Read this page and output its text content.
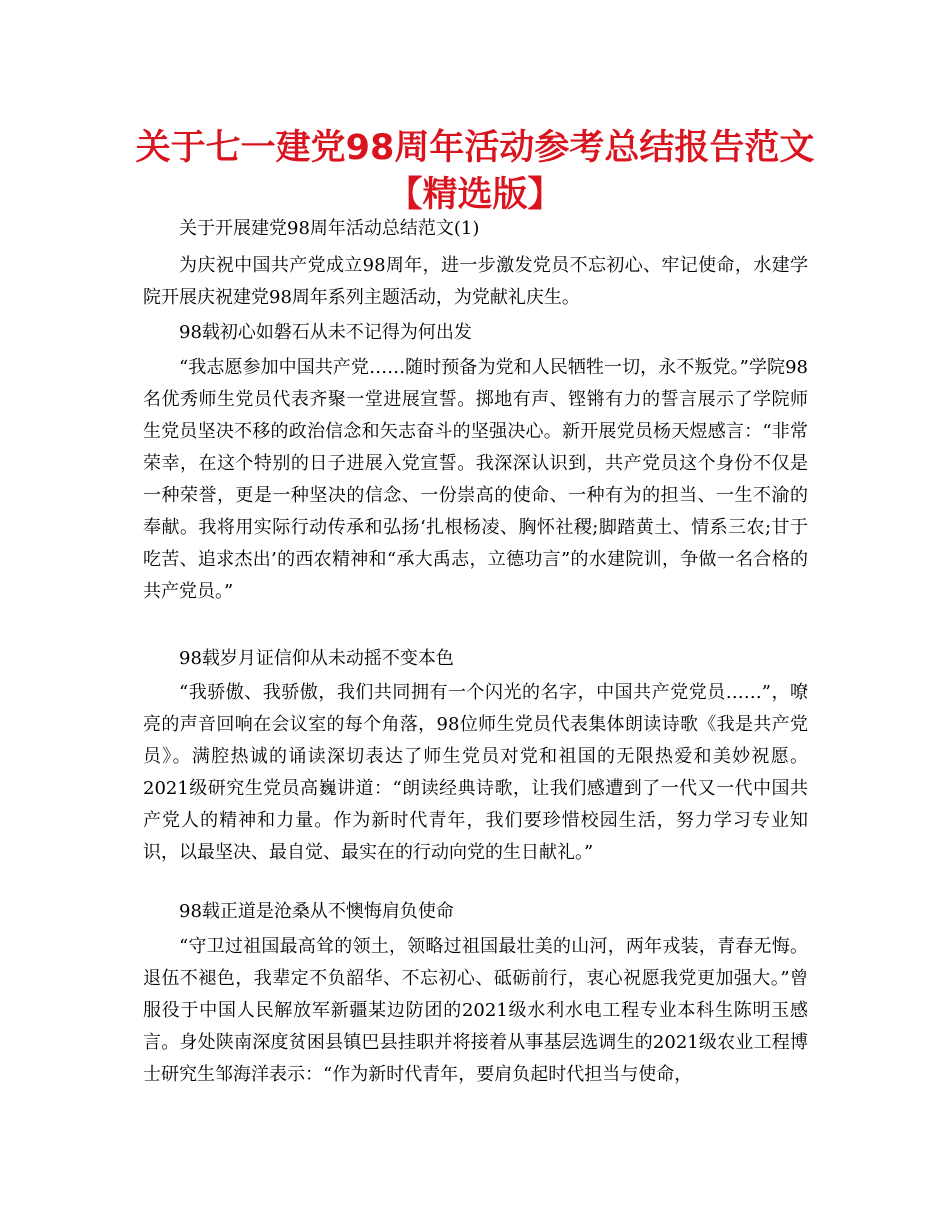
关于七一建党98周年活动参考总结报告范文
【精选版】

关于开展建党98周年活动总结范文(1)

为庆祝中国共产党成立98周年，进一步激发党员不忘初心、牢记使命，水建学院开展庆祝建党98周年系列主题活动，为党献礼庆生。

98载初心如磐石从未不记得为何出发

“我志愿参加中国共产党……随时预备为党和人民牺牲一切，永不叛党。”学院98名优秀师生党员代表齐聚一堂进展宣誓。掷地有声、铿锵有力的誓言展示了学院师生党员坚决不移的政治信念和矢志奋斗的坚强决心。新开展党员杨天煜感言：“非常荣幸，在这个特别的日子进展入党宣誓。我深深认识到，共产党员这个身份不仅是一种荣誉，更是一种坚决的信念、一份崇高的使命、一种有为的担当、一生不渝的奉献。我将用实际行动传承和弘扬‘扎根杨凌、胸怀社稷;脚踏黄土、情系三农;甘于吃苦、追求杰出’的西农精神和“承大禹志，立德功言”的水建院训，争做一名合格的共产党员。”

98载岁月证信仰从未动摇不变本色

“我骄傲、我骄傲，我们共同拥有一个闪光的名字，中国共产党党员……”，嘹亮的声音回响在会议室的每个角落，98位师生党员代表集体朗读诗歌《我是共产党员》。满腔热诚的诵读深切表达了师生党员对党和祖国的无限热爱和美妙祝愿。2021级研究生党员高巍讲道：“朗读经典诗歌，让我们感遭到了一代又一代中国共产党人的精神和力量。作为新时代青年，我们要珍惜校园生活，努力学习专业知识，以最坚决、最自觉、最实在的行动向党的生日献礼。”

98载正道是沧桑从不懊悔肩负使命

“守卫过祖国最高耸的领土，领略过祖国最壮美的山河，两年戎装，青春无悔。退伍不褪色，我辈定不负韶华、不忘初心、砥砺前行，衷心祝愿我党更加强大。”曾服役于中国人民解放军新疆某边防团的2021级水利水电工程专业本科生陈明玉感言。身处陕南深度贫困县镇巴县挂职并将接着从事基层选调生的2021级农业工程博士研究生邹海洋表示：“作为新时代青年，要肩负起时代担当与使命，
